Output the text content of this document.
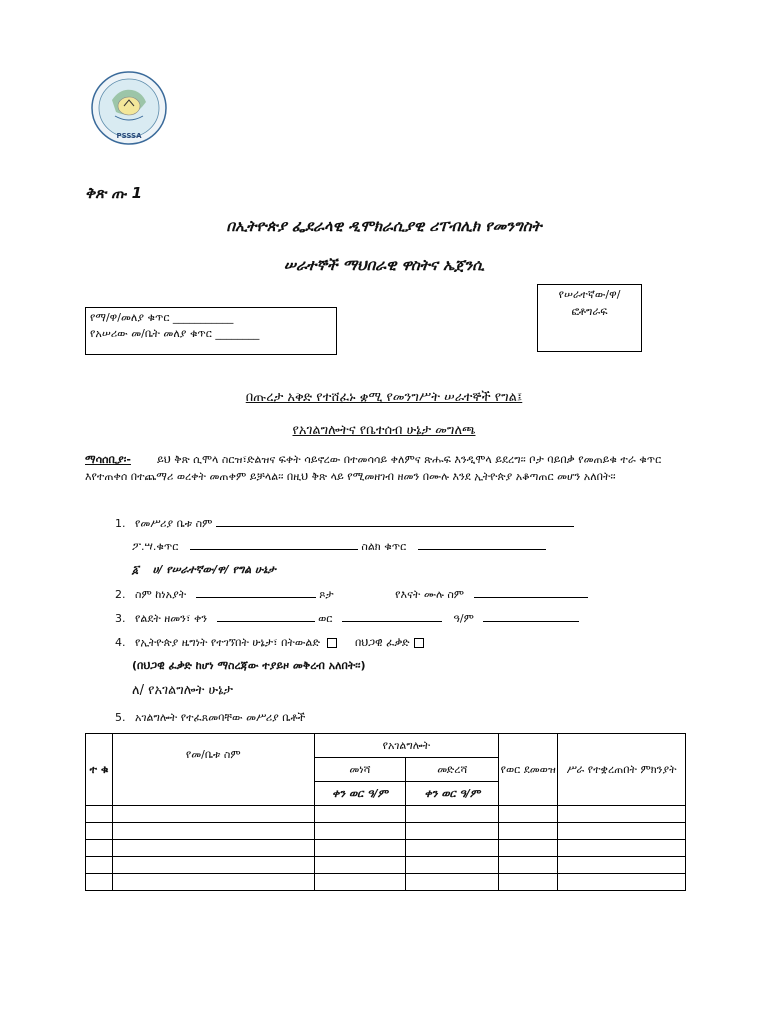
PSSSA
ቅጽ ጡ 1
በኢትዮጵያ ፌደራላዊ ዲሞክራሲያዊ ሪፐብሊክ የመንግስት
ሠራተኞች ማህበራዊ ዋስትና ኤጀንሲ
የሠራተኛው/ዋ/
ፎቶግራፍ
የማ/ዋ/መለያ ቁጥር ___________
የአሠሪው መ/ቤት መለያ ቁጥር ________
በጡረታ አቅድ የተሸፈኑ ቋሚ የመንግሥት ሠራተኞች የግል፤
የአገልግሎትና የቤተሰብ ሁኔታ መግለጫ
ማሳሰቢያ፡- ይህ ቅጽ ሲሞላ ስርዝ፣ድልዝና ፍቀት ሳይኖረው በተመሳሳይ ቀለምና ጽሑፍ እንዲሞላ ይደረግ፡፡ ቦታ ባይበቃ የመጠይቁ ተራ ቁጥር እየተጠቀሰ በተጨማሪ ወረቀት መጠቀም ይቻላል፡፡ በዚህ ቅጽ ላይ የሚመዘገብ ዘመን በሙሉ እንደ ኢትዮጵያ አቆጣጠር መሆን አለበት፡፡
1. የመሥሪያ ቤቱ ስም
ፖ.ሣ.ቁጥር	ስልክ ቁጥር
፩ ሀ/ የሠራተኛው/ዋ/ የግል ሁኔታ
2. ስም ከነአያት	ጾታ	የእናት ሙሉ ስም
3. የልደት ዘመን፣ ቀን	ወር	ዓ/ም
4. የኢትዮጵያ ዜግነት የተገኘበት ሁኔታ፣ በትውልድ	በህጋዊ ፈቃድ
(በህጋዊ ፈቃድ ከሆነ ማስረጃው ተያይዞ መቅረብ አለበት፡፡)
ለ/ የአገልግሎት ሁኔታ
5. አገልግሎት የተፈጸመባቸው መሥሪያ ቤቶች
ተ ቁ	የመ/ቤቱ ስም	የአገልግሎት		የወር ደመወዝ	ሥራ የተቋረጠበት ምክንያት
		መነሻ	መድረሻ		
		ቀን ወር ዓ/ም	ቀን ወር ዓ/ም		
